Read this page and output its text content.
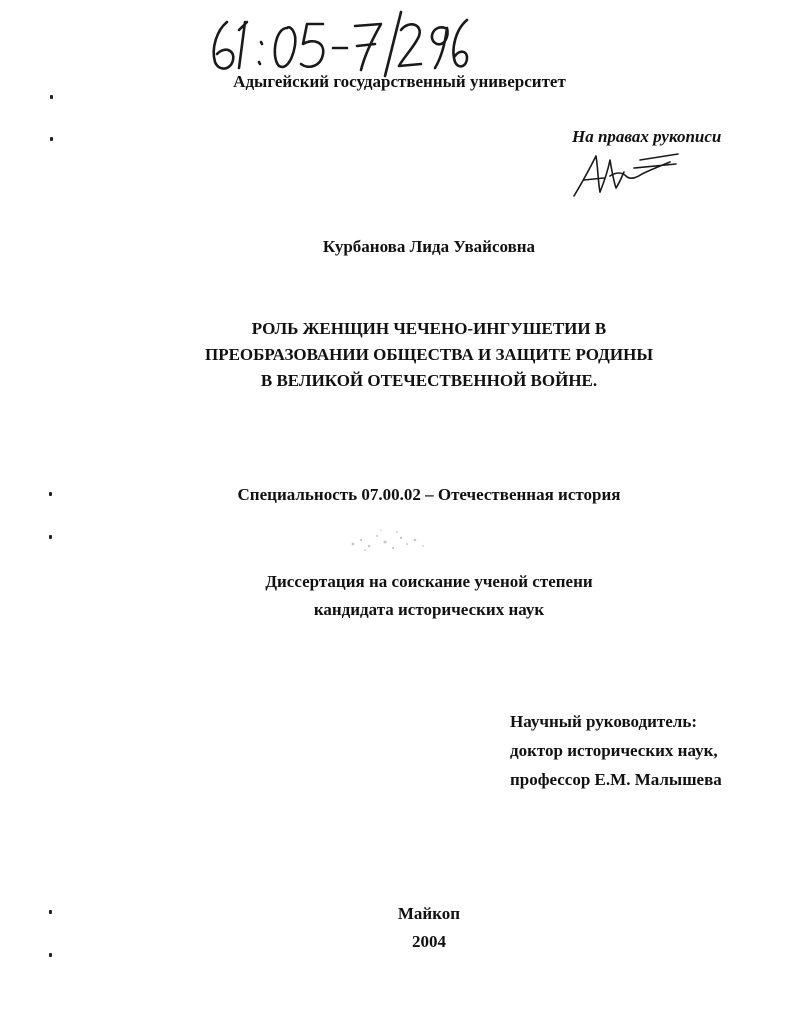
Адыгейский государственный университет
На правах рукописи
Курбанова Лида Увайсовна
РОЛЬ ЖЕНЩИН ЧЕЧЕНО-ИНГУШЕТИИ В
ПРЕОБРАЗОВАНИИ ОБЩЕСТВА И ЗАЩИТЕ РОДИНЫ
В ВЕЛИКОЙ ОТЕЧЕСТВЕННОЙ ВОЙНЕ.
Специальность 07.00.02 – Отечественная история
Диссертация на соискание ученой степени
кандидата исторических наук
Научный руководитель:
доктор исторических наук,
профессор Е.М. Малышева
Майкоп
2004
